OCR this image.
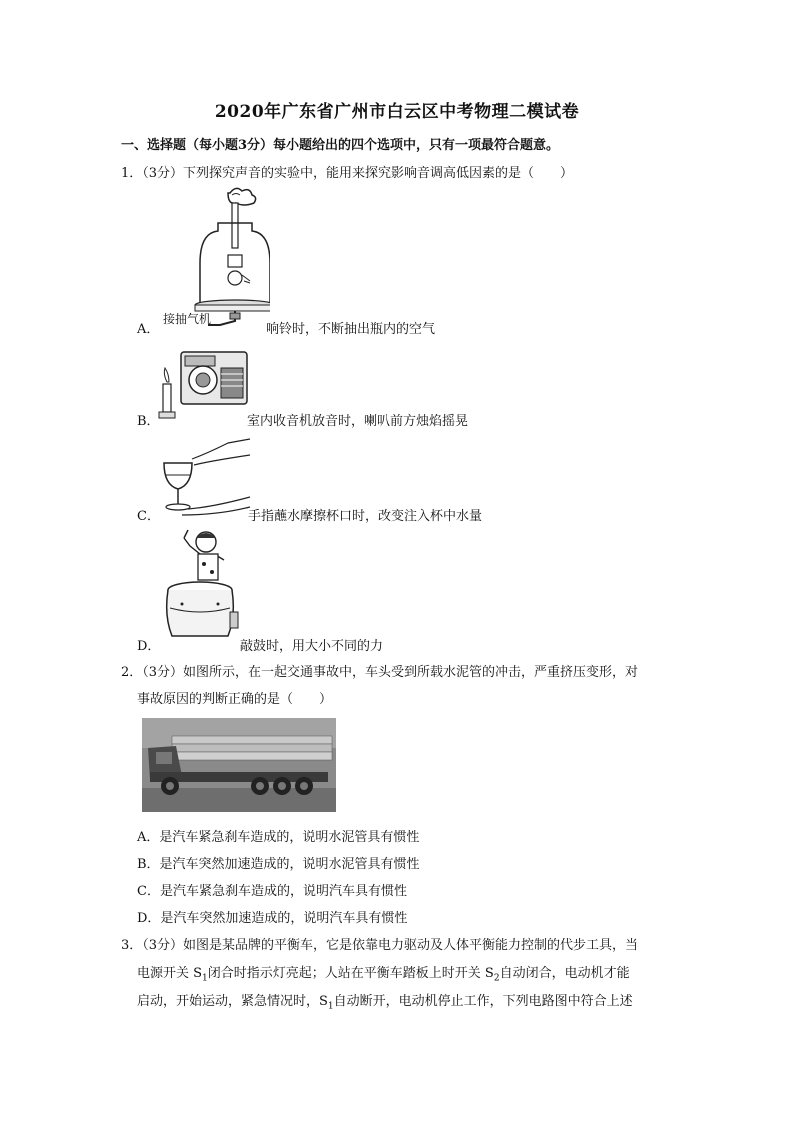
2020年广东省广州市白云区中考物理二模试卷
一、选择题（每小题3分）每小题给出的四个选项中，只有一项最符合题意。
1．（3分）下列探究声音的实验中，能用来探究影响音调高低因素的是（　　）
接抽气机
A．	响铃时，不断抽出瓶内的空气
B．	室内收音机放音时，喇叭前方烛焰摇晃
C．	手指蘸水摩擦杯口时，改变注入杯中水量
D．	敲鼓时，用大小不同的力
2．（3分）如图所示，在一起交通事故中，车头受到所载水泥管的冲击，严重挤压变形，对
事故原因的判断正确的是（　　）
A．是汽车紧急刹车造成的，说明水泥管具有惯性
B．是汽车突然加速造成的，说明水泥管具有惯性
C．是汽车紧急刹车造成的，说明汽车具有惯性
D．是汽车突然加速造成的，说明汽车具有惯性
3．（3分）如图是某品牌的平衡车，它是依靠电力驱动及人体平衡能力控制的代步工具，当
电源开关 $S_1$闭合时指示灯亮起；人站在平衡车踏板上时开关 $S_2$自动闭合，电动机才能
启动，开始运动，紧急情况时，$S_1$自动断开，电动机停止工作，下列电路图中符合上述
